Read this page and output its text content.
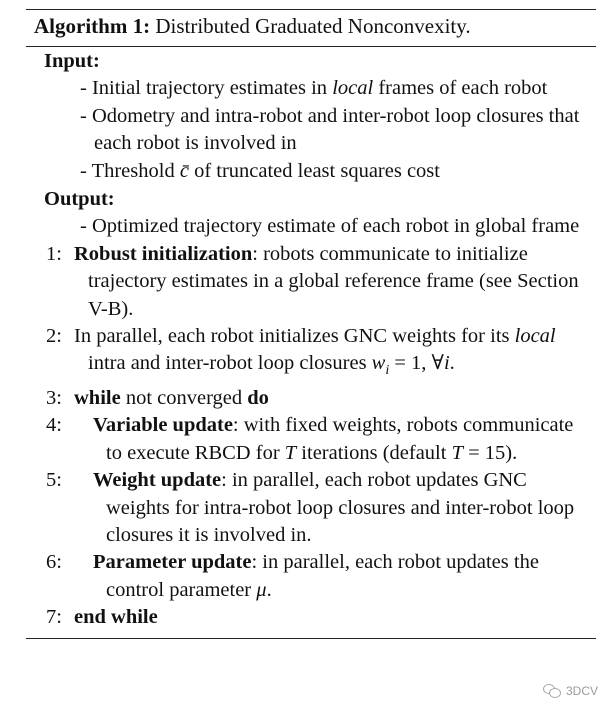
Algorithm 1: Distributed Graduated Nonconvexity.
Input:
- Initial trajectory estimates in local frames of each robot
- Odometry and intra-robot and inter-robot loop closures that each robot is involved in
- Threshold c̄ of truncated least squares cost
Output:
- Optimized trajectory estimate of each robot in global frame
1: Robust initialization: robots communicate to initialize trajectory estimates in a global reference frame (see Section V-B).
2: In parallel, each robot initializes GNC weights for its local intra and inter-robot loop closures $w_i = 1$, ∀i.
3: while not converged do
4: Variable update: with fixed weights, robots communicate to execute RBCD for T iterations (default T = 15).
5: Weight update: in parallel, each robot updates GNC weights for intra-robot loop closures and inter-robot loop closures it is involved in.
6: Parameter update: in parallel, each robot updates the control parameter μ.
7: end while
3DCV
